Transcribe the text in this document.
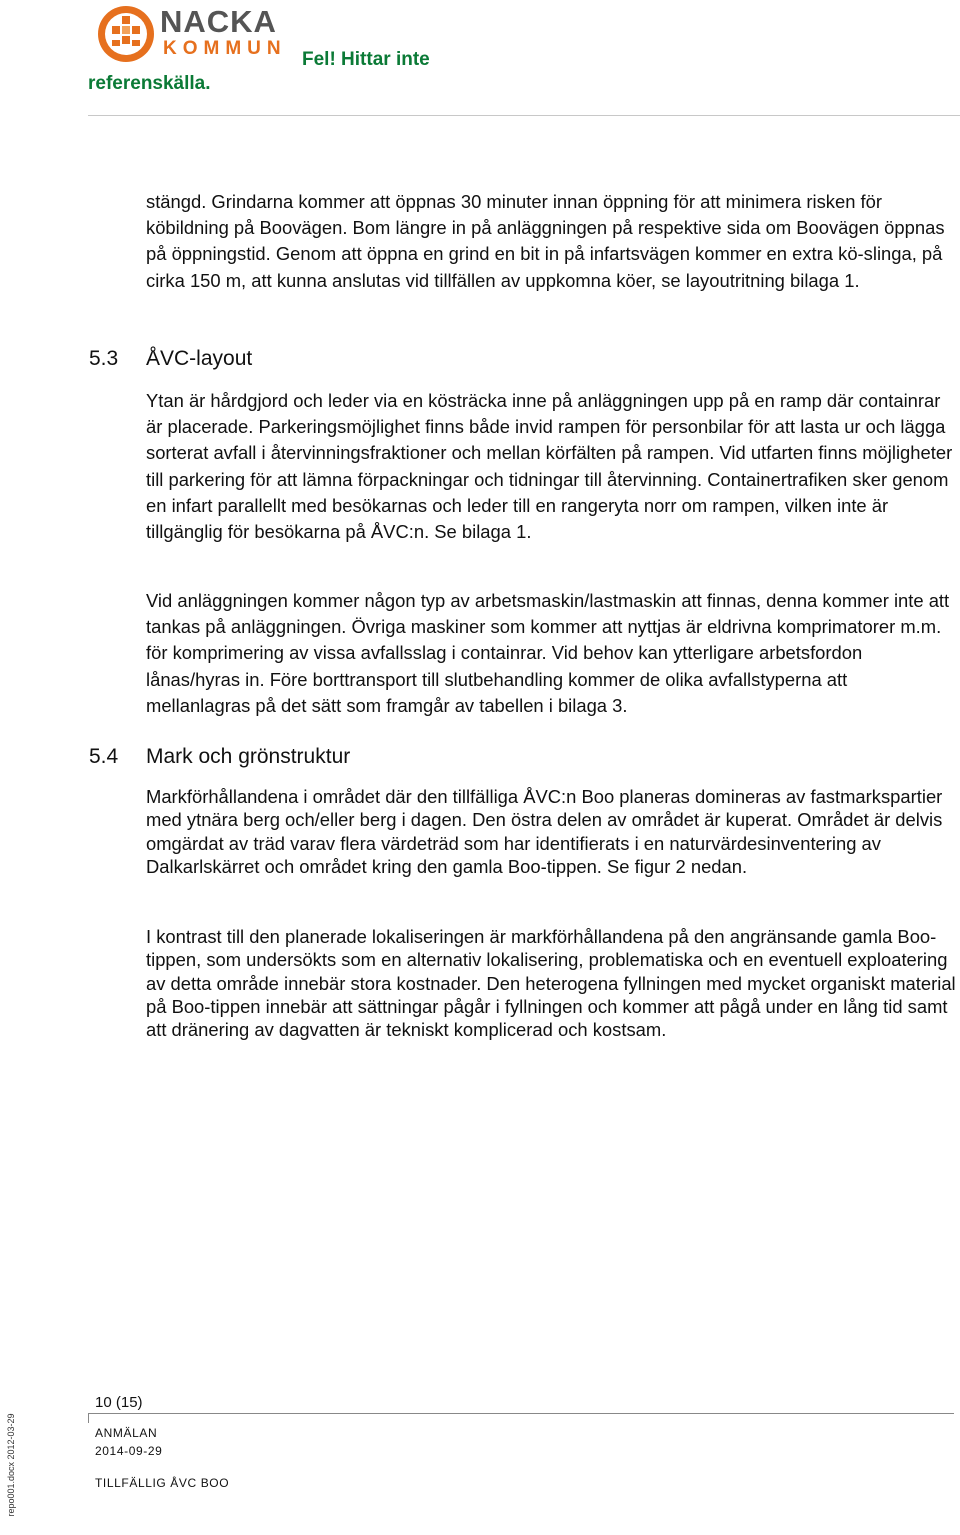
NACKA
KOMMUN
Fel! Hittar inte
referenskälla.

stängd. Grindarna kommer att öppnas 30 minuter innan öppning för att minimera risken för köbildning på Boovägen. Bom längre in på anläggningen på respektive sida om Boovägen öppnas på öppningstid. Genom att öppna en grind en bit in på infartsvägen kommer en extra kö-slinga, på cirka 150 m, att kunna anslutas vid tillfällen av uppkomna köer, se layoutritning bilaga 1.

5.3 ÅVC-layout

Ytan är hårdgjord och leder via en kösträcka inne på anläggningen upp på en ramp där containrar är placerade. Parkeringsmöjlighet finns både invid rampen för personbilar för att lasta ur och lägga sorterat avfall i återvinningsfraktioner och mellan körfälten på rampen. Vid utfarten finns möjligheter till parkering för att lämna förpackningar och tidningar till återvinning. Containertrafiken sker genom en infart parallellt med besökarnas och leder till en rangeryta norr om rampen, vilken inte är tillgänglig för besökarna på ÅVC:n. Se bilaga 1.

Vid anläggningen kommer någon typ av arbetsmaskin/lastmaskin att finnas, denna kommer inte att tankas på anläggningen. Övriga maskiner som kommer att nyttjas är eldrivna komprimatorer m.m. för komprimering av vissa avfallsslag i containrar. Vid behov kan ytterligare arbetsfordon lånas/hyras in. Före borttransport till slutbehandling kommer de olika avfallstyperna att mellanlagras på det sätt som framgår av tabellen i bilaga 3.

5.4 Mark och grönstruktur

Markförhållandena i området där den tillfälliga ÅVC:n Boo planeras domineras av fastmarkspartier med ytnära berg och/eller berg i dagen. Den östra delen av området är kuperat. Området är delvis omgärdat av träd varav flera värdeträd som har identifierats i en naturvärdesinventering av Dalkarlskärret och området kring den gamla Boo-tippen. Se figur 2 nedan.

I kontrast till den planerade lokaliseringen är markförhållandena på den angränsande gamla Boo-tippen, som undersökts som en alternativ lokalisering, problematiska och en eventuell exploatering av detta område innebär stora kostnader. Den heterogena fyllningen med mycket organiskt material på Boo-tippen innebär att sättningar pågår i fyllningen och kommer att pågå under en lång tid samt att dränering av dagvatten är tekniskt komplicerad och kostsam.

repo001.docx 2012-03-29
10 (15)
ANMÄLAN
2014-09-29
TILLFÄLLIG ÅVC BOO
